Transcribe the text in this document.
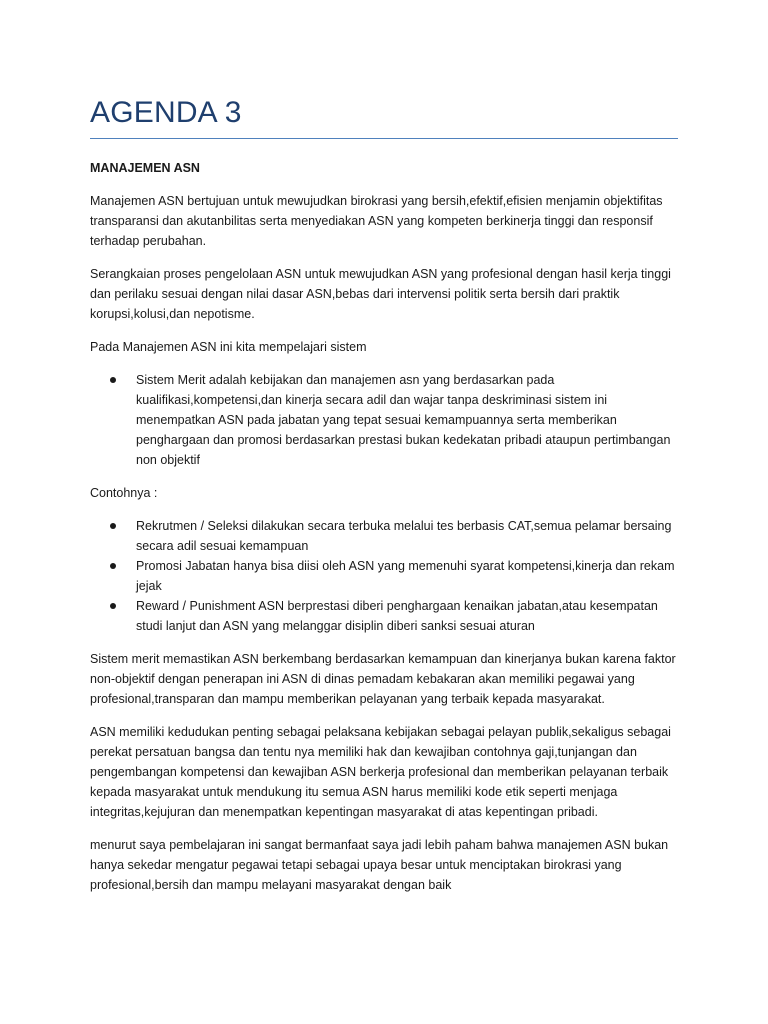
AGENDA 3
MANAJEMEN ASN

Manajemen ASN bertujuan untuk mewujudkan birokrasi yang bersih,efektif,efisien menjamin objektifitas transparansi dan akutanbilitas serta menyediakan ASN yang kompeten berkinerja tinggi dan responsif terhadap perubahan.

Serangkaian proses pengelolaan ASN untuk mewujudkan ASN yang profesional dengan hasil kerja tinggi dan perilaku sesuai dengan nilai dasar ASN,bebas dari intervensi politik serta bersih dari praktik korupsi,kolusi,dan nepotisme.

Pada Manajemen ASN ini kita mempelajari sistem

Sistem Merit adalah kebijakan dan manajemen asn yang berdasarkan pada kualifikasi,kompetensi,dan kinerja secara adil dan wajar tanpa deskriminasi sistem ini menempatkan ASN pada jabatan yang tepat sesuai kemampuannya serta memberikan penghargaan dan promosi berdasarkan prestasi bukan kedekatan pribadi ataupun pertimbangan non objektif

Contohnya :

Rekrutmen / Seleksi dilakukan secara terbuka melalui tes berbasis CAT,semua pelamar bersaing secara adil sesuai kemampuan
Promosi Jabatan hanya bisa diisi oleh ASN yang memenuhi syarat kompetensi,kinerja dan rekam jejak
Reward / Punishment ASN berprestasi diberi penghargaan kenaikan jabatan,atau kesempatan studi lanjut dan ASN yang melanggar disiplin diberi sanksi sesuai aturan

Sistem merit memastikan ASN berkembang berdasarkan kemampuan dan kinerjanya bukan karena faktor non-objektif dengan penerapan ini ASN di dinas pemadam kebakaran akan memiliki pegawai yang profesional,transparan dan mampu memberikan pelayanan yang terbaik kepada masyarakat.

ASN memiliki kedudukan penting sebagai pelaksana kebijakan sebagai pelayan publik,sekaligus sebagai perekat persatuan bangsa dan tentu nya memiliki hak dan kewajiban contohnya gaji,tunjangan dan pengembangan kompetensi dan kewajiban ASN berkerja profesional dan memberikan pelayanan terbaik kepada masyarakat untuk mendukung itu semua ASN harus memiliki kode etik seperti menjaga integritas,kejujuran dan menempatkan kepentingan masyarakat di atas kepentingan pribadi.

menurut saya pembelajaran ini sangat bermanfaat saya jadi lebih paham bahwa manajemen ASN bukan hanya sekedar mengatur pegawai tetapi sebagai upaya besar untuk menciptakan birokrasi yang profesional,bersih dan mampu melayani masyarakat dengan baik
